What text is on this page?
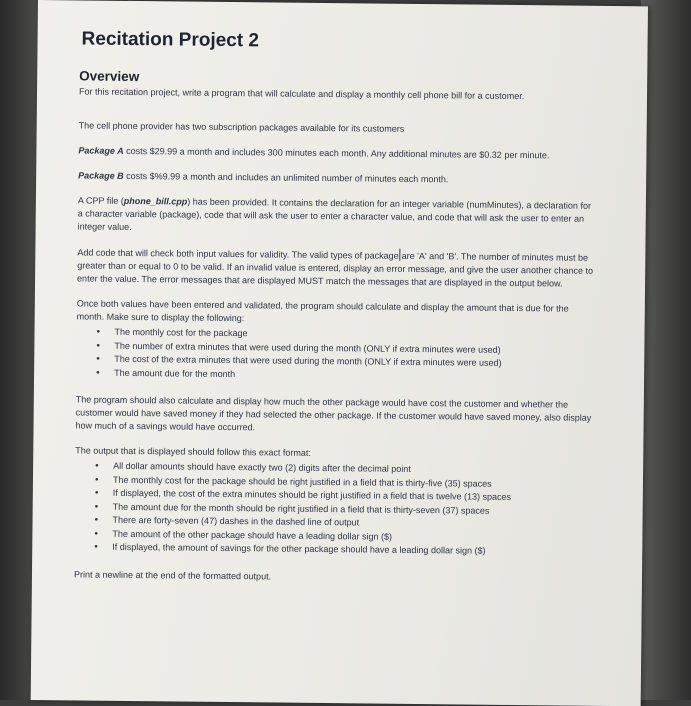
Recitation Project 2
Overview

For this recitation project, write a program that will calculate and display a monthly cell phone bill for a customer.

The cell phone provider has two subscription packages available for its customers

Package A costs $29.99 a month and includes 300 minutes each month. Any additional minutes are $0.32 per minute.

Package B costs $%9.99 a month and includes an unlimited number of minutes each month.

A CPP file (phone_bill.cpp) has been provided. It contains the declaration for an integer variable (numMinutes), a declaration for a character variable (package), code that will ask the user to enter a character value, and code that will ask the user to enter an integer value.

Add code that will check both input values for validity. The valid types of package are 'A' and 'B'. The number of minutes must be greater than or equal to 0 to be valid. If an invalid value is entered, display an error message, and give the user another chance to enter the value. The error messages that are displayed MUST match the messages that are displayed in the output below.

Once both values have been entered and validated, the program should calculate and display the amount that is due for the month. Make sure to display the following:

• The monthly cost for the package
• The number of extra minutes that were used during the month (ONLY if extra minutes were used)
• The cost of the extra minutes that were used during the month (ONLY if extra minutes were used)
• The amount due for the month

The program should also calculate and display how much the other package would have cost the customer and whether the customer would have saved money if they had selected the other package. If the customer would have saved money, also display how much of a savings would have occurred.

The output that is displayed should follow this exact format:

• All dollar amounts should have exactly two (2) digits after the decimal point
• The monthly cost for the package should be right justified in a field that is thirty-five (35) spaces
• If displayed, the cost of the extra minutes should be right justified in a field that is twelve (13) spaces
• The amount due for the month should be right justified in a field that is thirty-seven (37) spaces
• There are forty-seven (47) dashes in the dashed line of output
• The amount of the other package should have a leading dollar sign ($)
• If displayed, the amount of savings for the other package should have a leading dollar sign ($)

Print a newline at the end of the formatted output.
